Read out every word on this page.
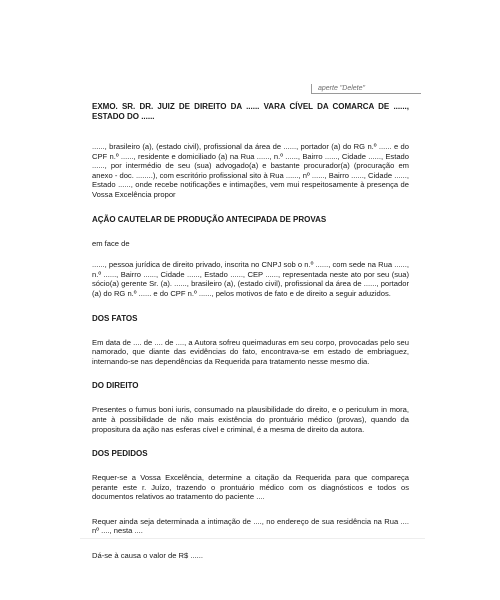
aperte "Delete"
EXMO. SR. DR. JUIZ DE DIREITO DA ...... VARA CÍVEL DA COMARCA DE ......, ESTADO DO ......
......, brasileiro (a), (estado civil), profissional da área de ......, portador (a) do RG n.º ...... e do CPF n.º ......, residente e domiciliado (a) na Rua ......, n.º ......, Bairro ......, Cidade ......, Estado ......, por intermédio de seu (sua) advogado(a) e bastante procurador(a) (procuração em anexo - doc. ........), com escritório profissional sito à Rua ......, nº ......, Bairro ......, Cidade ......, Estado ......, onde recebe notificações e intimações, vem mui respeitosamente à presença de Vossa Excelência propor
AÇÃO CAUTELAR DE PRODUÇÃO ANTECIPADA DE PROVAS
em face de
......, pessoa jurídica de direito privado, inscrita no CNPJ sob o n.º ......, com sede na Rua ......, n.º ......, Bairro ......, Cidade ......, Estado ......, CEP ......, representada neste ato por seu (sua) sócio(a) gerente Sr. (a). ......, brasileiro (a), (estado civil), profissional da área de ......, portador (a) do RG n.º ...... e do CPF n.º ......, pelos motivos de fato e de direito a seguir aduzidos.
DOS FATOS
Em data de .... de .... de ...., a Autora sofreu queimaduras em seu corpo, provocadas pelo seu namorado, que diante das evidências do fato, encontrava-se em estado de embriaguez, internando-se nas dependências da Requerida para tratamento nesse mesmo dia.
DO DIREITO
Presentes o fumus boni iuris, consumado na plausibilidade do direito, e o periculum in mora, ante à possibilidade de não mais existência do prontuário médico (provas), quando da propositura da ação nas esferas cível e criminal, é a mesma de direito da autora.
DOS PEDIDOS
Requer-se a Vossa Excelência, determine a citação da Requerida para que compareça perante este r. Juízo, trazendo o prontuário médico com os diagnósticos e todos os documentos relativos ao tratamento do paciente ....
Requer ainda seja determinada a intimação de ...., no endereço de sua residência na Rua .... nº ...., nesta ....
Dá-se à causa o valor de R$ ......
